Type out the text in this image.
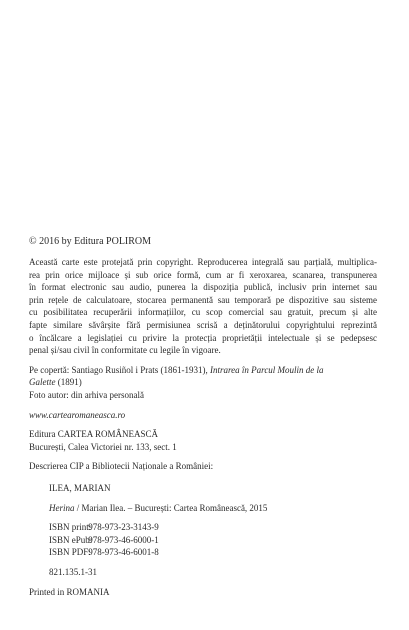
© 2016 by Editura POLIROM
Această carte este protejată prin copyright. Reproducerea integrală sau parțială, multiplica-
rea prin orice mijloace și sub orice formă, cum ar fi xeroxarea, scanarea, transpunerea
în format electronic sau audio, punerea la dispoziția publică, inclusiv prin internet sau
prin rețele de calculatoare, stocarea permanentă sau temporară pe dispozitive sau sisteme
cu posibilitatea recuperării informațiilor, cu scop comercial sau gratuit, precum și alte
fapte similare săvârșite fără permisiunea scrisă a deținătorului copyrightului reprezintă
o încălcare a legislației cu privire la protecția proprietății intelectuale și se pedepsesc
penal și/sau civil în conformitate cu legile în vigoare.
Pe copertă: Santiago Rusiñol i Prats (1861-1931), Intrarea în Parcul Moulin de la
Galette (1891)
Foto autor: din arhiva personală
www.cartearomaneasca.ro
Editura CARTEA ROMÂNEASCĂ
București, Calea Victoriei nr. 133, sect. 1
Descrierea CIP a Bibliotecii Naționale a României:
ILEA, MARIAN
Herina / Marian Ilea. – București: Cartea Românească, 2015
ISBN print: 978-973-23-3143-9
ISBN ePub: 978-973-46-6000-1
ISBN PDF: 978-973-46-6001-8
821.135.1-31
Printed in ROMANIA
